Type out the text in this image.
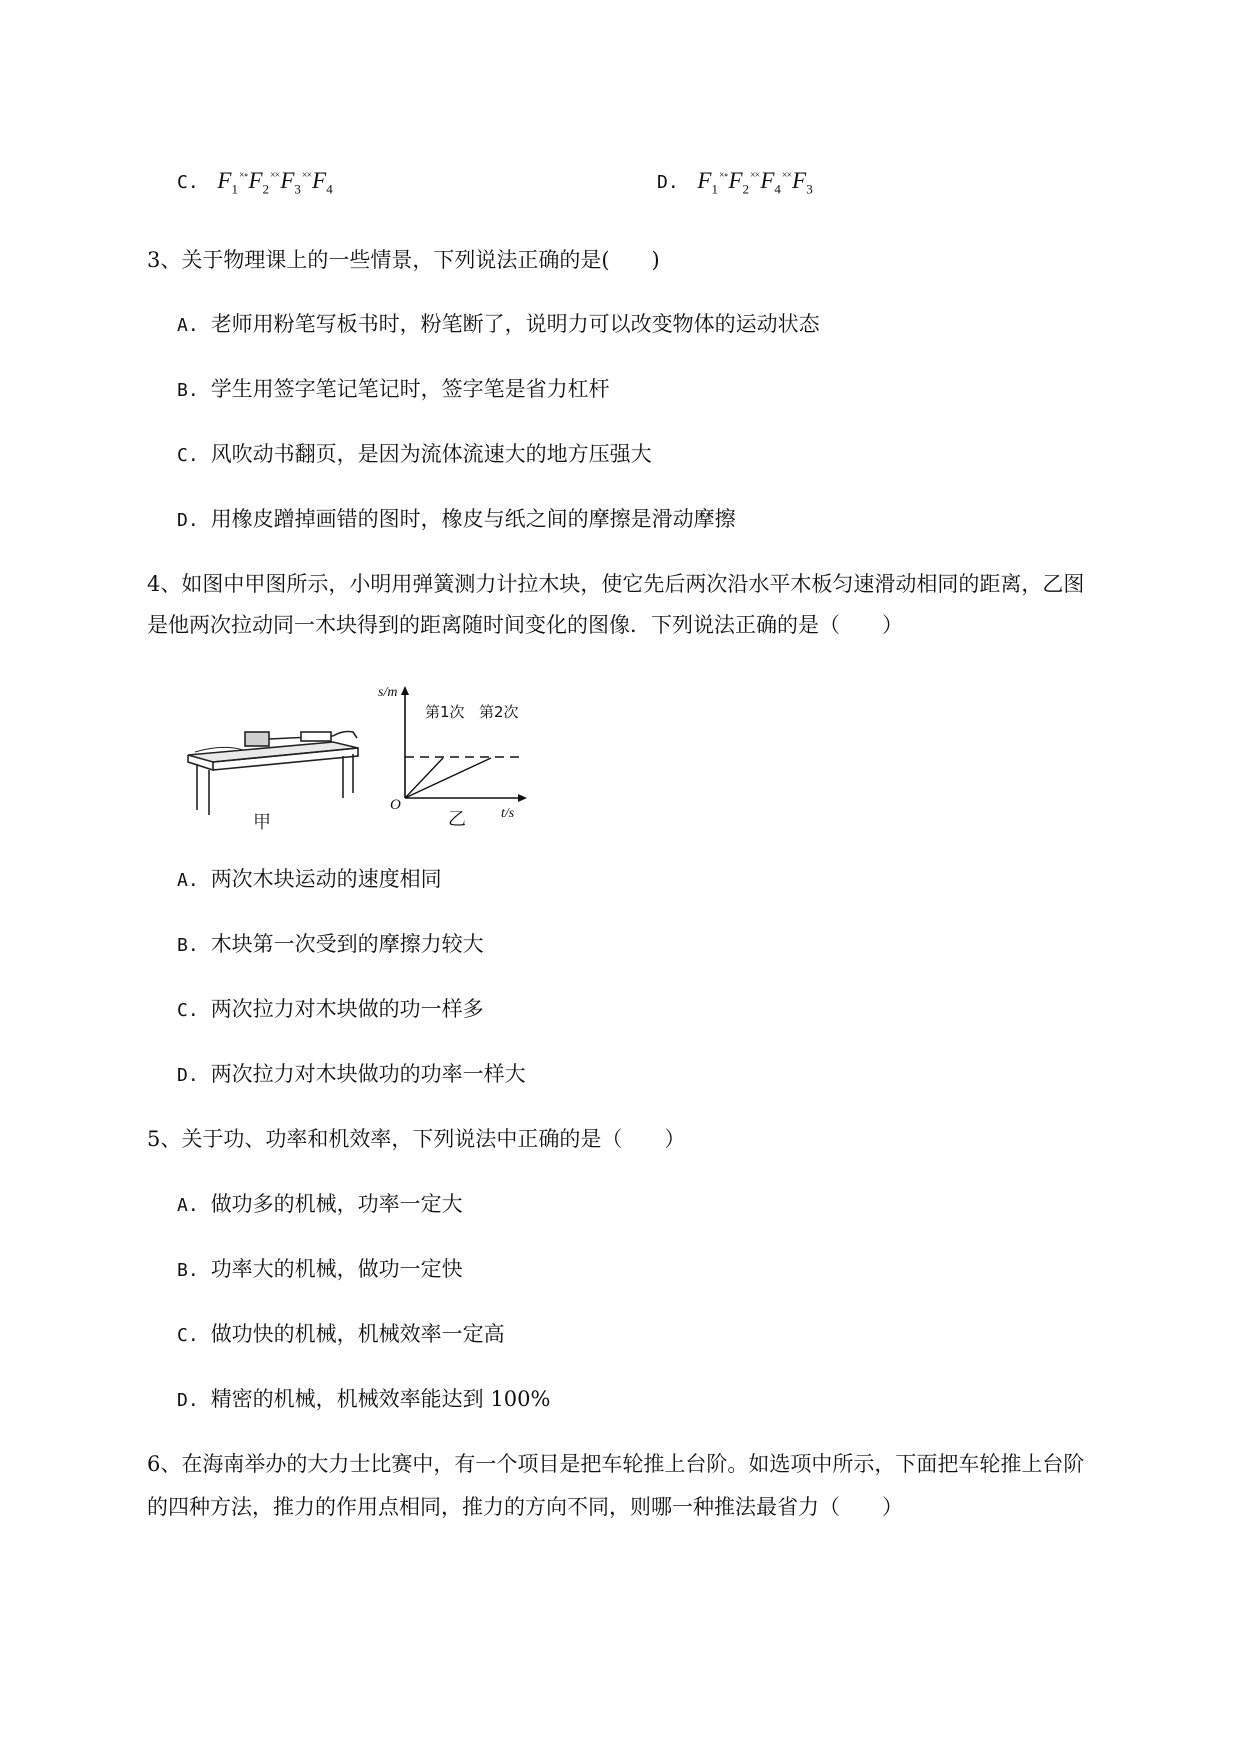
C. $F_1^{\times\circ}F_2^{\times\times}F_3^{\times\times}F_4$	D. $F_1^{\times\circ}F_2^{\times\times}F_4^{\times\times}F_3$
3、关于物理课上的一些情景，下列说法正确的是(　　)
A. 老师用粉笔写板书时，粉笔断了，说明力可以改变物体的运动状态
B. 学生用签字笔记笔记时，签字笔是省力杠杆
C. 风吹动书翻页，是因为流体流速大的地方压强大
D. 用橡皮蹭掉画错的图时，橡皮与纸之间的摩擦是滑动摩擦
4、如图中甲图所示，小明用弹簧测力计拉木块，使它先后两次沿水平木板匀速滑动相同的距离，乙图
是他两次拉动同一木块得到的距离随时间变化的图像．下列说法正确的是（　　）
甲
s/m
t/s
O
第1次 第2次
乙
A. 两次木块运动的速度相同
B. 木块第一次受到的摩擦力较大
C. 两次拉力对木块做的功一样多
D. 两次拉力对木块做功的功率一样大
5、关于功、功率和机效率，下列说法中正确的是（　　）
A. 做功多的机械，功率一定大
B. 功率大的机械，做功一定快
C. 做功快的机械，机械效率一定高
D. 精密的机械，机械效率能达到 100%
6、在海南举办的大力士比赛中，有一个项目是把车轮推上台阶。如选项中所示，下面把车轮推上台阶
的四种方法，推力的作用点相同，推力的方向不同，则哪一种推法最省力（　　）
